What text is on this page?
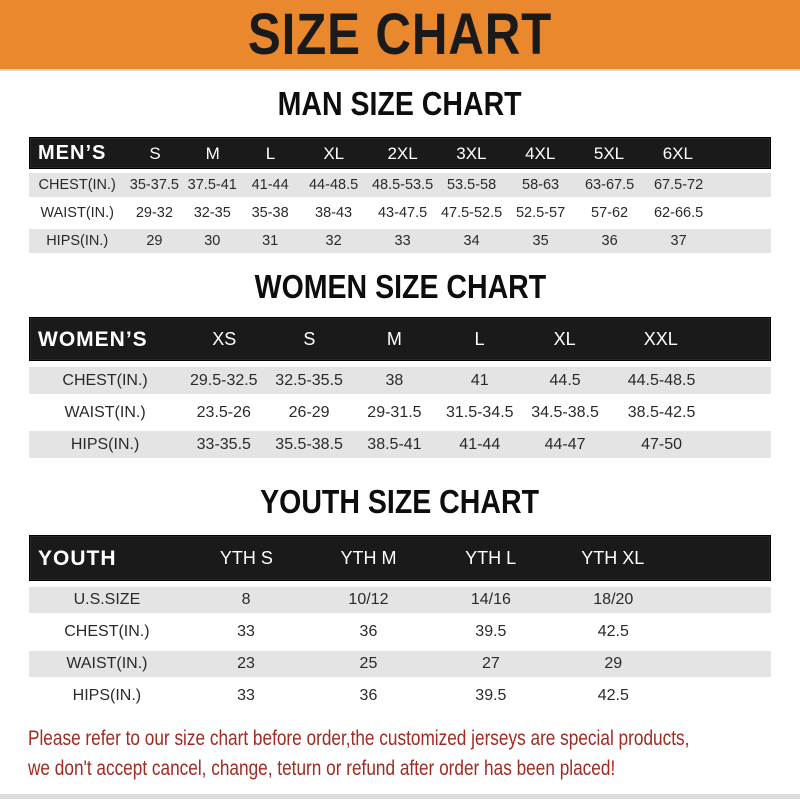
SIZE CHART
MAN SIZE CHART
MEN’S	S	M	L	XL	2XL	3XL	4XL	5XL	6XL
CHEST(IN.) 35-37.5 37.5-41	41-44	44-48.5 48.5-53.5 53.5-58	58-63	63-67.5	67.5-72
WAIST(IN.)	29-32	32-35	35-38	38-43	43-47.5 47.5-52.5 52.5-57	57-62	62-66.5
HIPS(IN.)	29	30	31	32	33	34	35	36	37
WOMEN SIZE CHART
WOMEN’S	XS	S	M	L	XL	XXL
CHEST(IN.)	29.5-32.5	32.5-35.5	38	41	44.5	44.5-48.5
WAIST(IN.)	23.5-26	26-29	29-31.5	31.5-34.5	34.5-38.5	38.5-42.5
HIPS(IN.)	33-35.5	35.5-38.5	38.5-41	41-44	44-47	47-50
YOUTH SIZE CHART
YOUTH	YTH S	YTH M	YTH L	YTH XL
U.S.SIZE	8	10/12	14/16	18/20
CHEST(IN.)	33	36	39.5	42.5
WAIST(IN.)	23	25	27	29
HIPS(IN.)	33	36	39.5	42.5

Please refer to our size chart before order,the customized jerseys are special products,

we don't accept cancel, change, teturn or refund after order has been placed!
